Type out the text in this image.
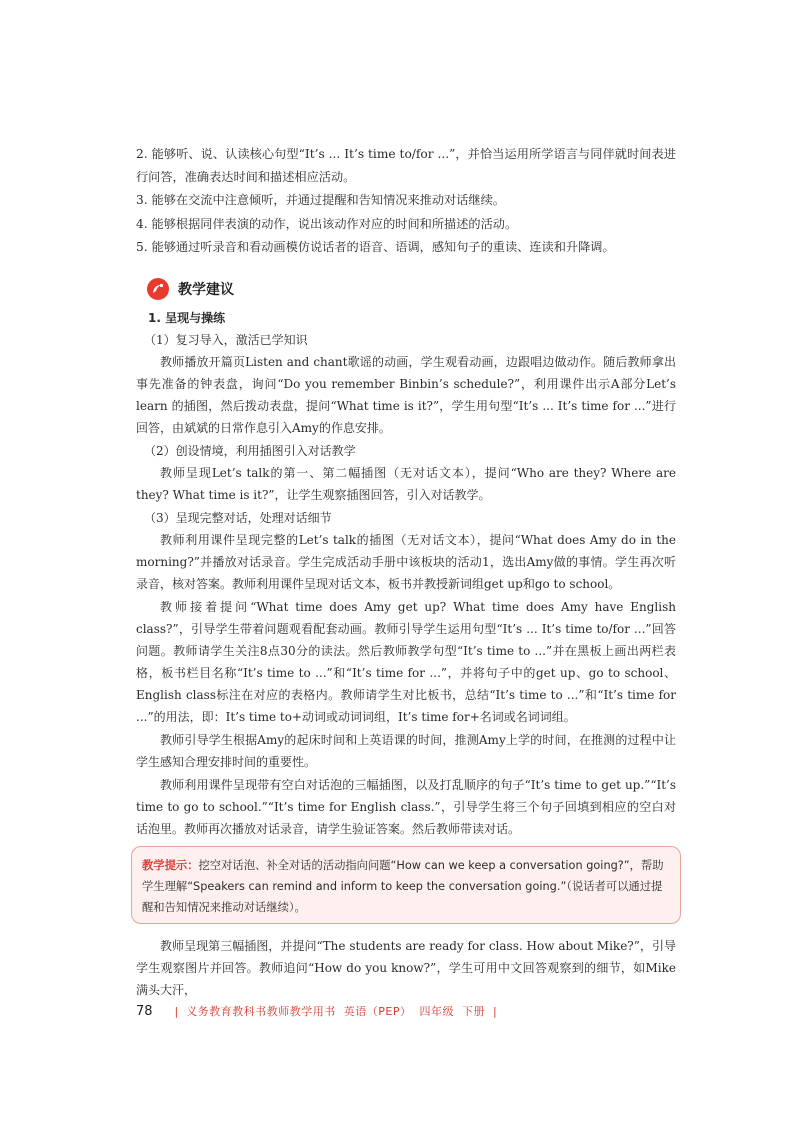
2. 能够听、说、认读核心句型“It’s ... It’s time to/for ...”，并恰当运用所学语言与同伴就时间表进行问答，准确表达时间和描述相应活动。

3. 能够在交流中注意倾听，并通过提醒和告知情况来推动对话继续。

4. 能够根据同伴表演的动作，说出该动作对应的时间和所描述的活动。

5. 能够通过听录音和看动画模仿说话者的语音、语调，感知句子的重读、连读和升降调。

教学建议

1. 呈现与操练

（1）复习导入，激活已学知识

教师播放开篇页Listen and chant歌谣的动画，学生观看动画，边跟唱边做动作。随后教师拿出事先准备的钟表盘，询问“Do you remember Binbin’s schedule?”，利用课件出示A部分Let’s learn 的插图，然后拨动表盘，提问“What time is it?”，学生用句型“It’s ... It’s time for ...”进行回答，由斌斌的日常作息引入Amy的作息安排。

（2）创设情境，利用插图引入对话教学

教师呈现Let’s talk的第一、第二幅插图（无对话文本），提问“Who are they? Where are they? What time is it?”，让学生观察插图回答，引入对话教学。

（3）呈现完整对话，处理对话细节

教师利用课件呈现完整的Let’s talk的插图（无对话文本），提问“What does Amy do in the morning?”并播放对话录音。学生完成活动手册中该板块的活动1，选出Amy做的事情。学生再次听录音，核对答案。教师利用课件呈现对话文本，板书并教授新词组get up和go to school。

教师接着提问“What time does Amy get up? What time does Amy have English class?”，引导学生带着问题观看配套动画。教师引导学生运用句型“It’s ... It’s time to/for ...”回答问题。教师请学生关注8点30分的读法。然后教师教学句型“It’s time to ...”并在黑板上画出两栏表格，板书栏目名称“It’s time to ...”和“It’s time for ...”，并将句子中的get up、go to school、English class标注在对应的表格内。教师请学生对比板书，总结“It’s time to ...”和“It’s time for ...”的用法，即：It’s time to+动词或动词词组，It’s time for+名词或名词词组。

教师引导学生根据Amy的起床时间和上英语课的时间，推测Amy上学的时间，在推测的过程中让学生感知合理安排时间的重要性。

教师利用课件呈现带有空白对话泡的三幅插图，以及打乱顺序的句子“It’s time to get up.”“It’s time to go to school.”“It’s time for English class.”，引导学生将三个句子回填到相应的空白对话泡里。教师再次播放对话录音，请学生验证答案。然后教师带读对话。

教学提示：挖空对话泡、补全对话的活动指向问题“How can we keep a conversation going?”，帮助学生理解“Speakers can remind and inform to keep the conversation going.”（说话者可以通过提醒和告知情况来推动对话继续）。

教师呈现第三幅插图，并提问“The students are ready for class. How about Mike?”，引导学生观察图片并回答。教师追问“How do you know?”，学生可用中文回答观察到的细节，如Mike满头大汗，

78 | 义务教育教科书教师教学用书 英语（PEP） 四年级 下册 |
